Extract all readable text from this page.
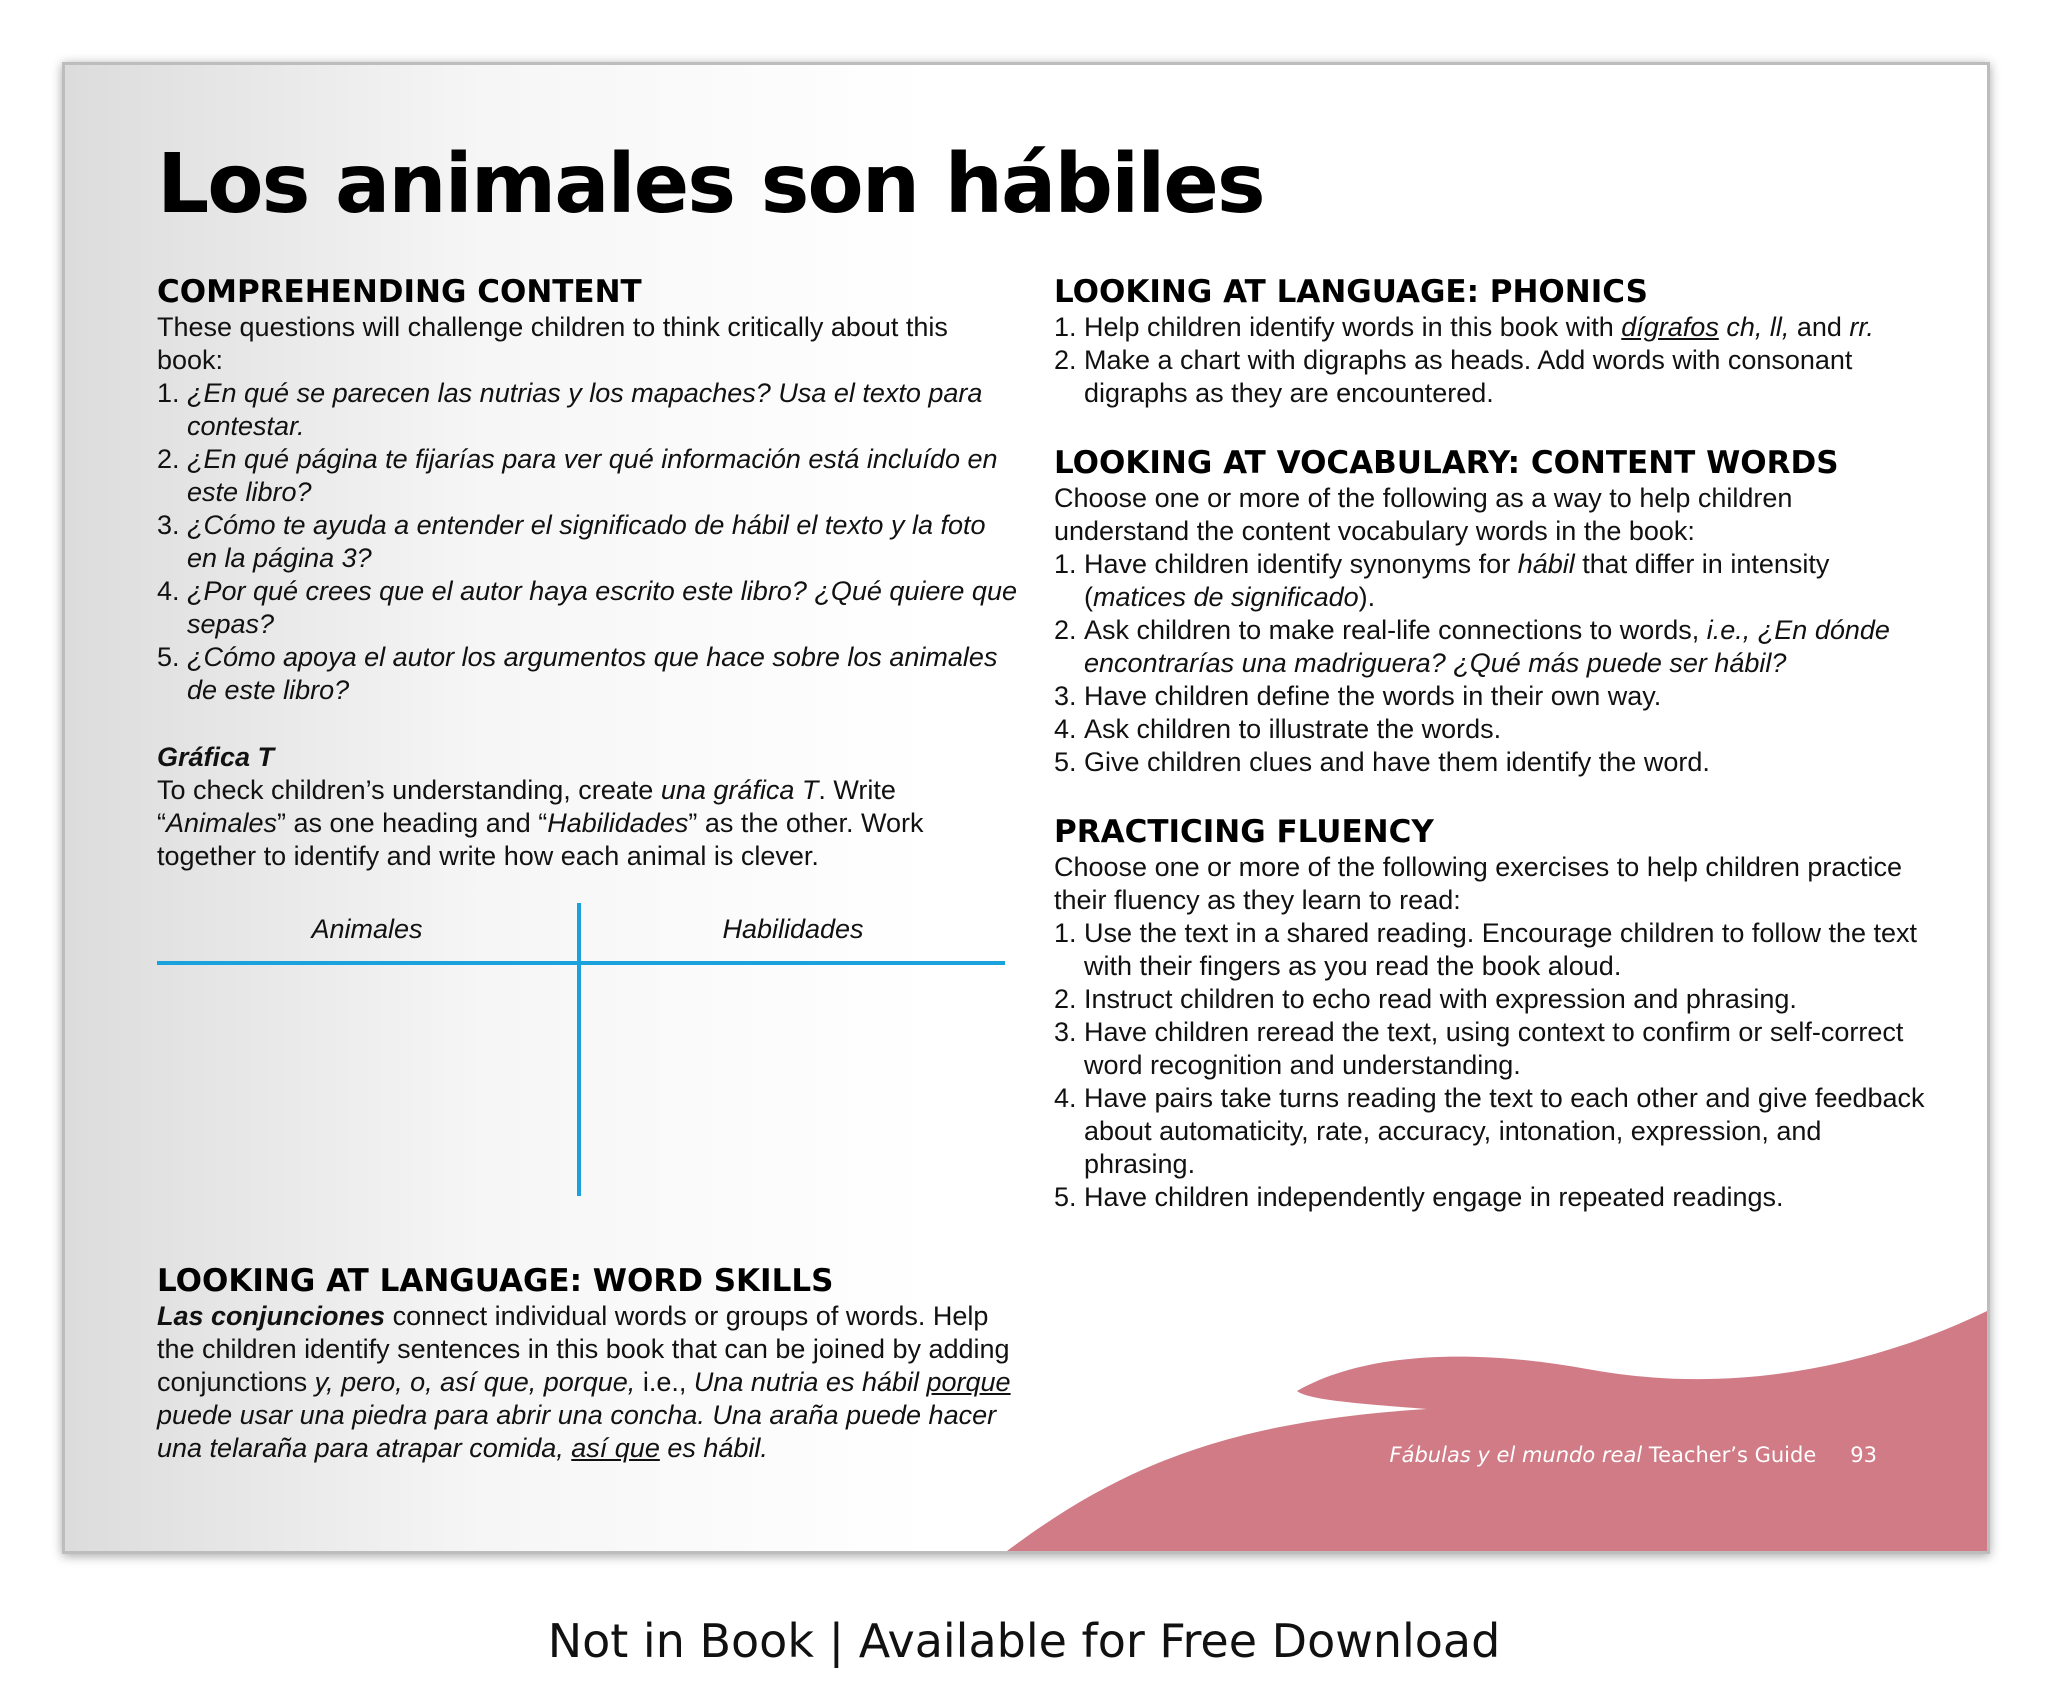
Los animales son hábiles
COMPREHENDING CONTENT

These questions will challenge children to think critically about this book:

1. ¿En qué se parecen las nutrias y los mapaches? Usa el texto para contestar.
2. ¿En qué página te fijarías para ver qué información está incluído en este libro?
3. ¿Cómo te ayuda a entender el significado de hábil el texto y la foto en la página 3?
4. ¿Por qué crees que el autor haya escrito este libro? ¿Qué quiere que sepas?
5. ¿Cómo apoya el autor los argumentos que hace sobre los animales de este libro?

Gráfica T

To check children’s understanding, create una gráfica T. Write “Animales” as one heading and “Habilidades” as the other. Work together to identify and write how each animal is clever.

Animales	Habilidades
LOOKING AT LANGUAGE: WORD SKILLS

Las conjunciones connect individual words or groups of words. Help the children identify sentences in this book that can be joined by adding conjunctions y, pero, o, así que, porque, i.e., Una nutria es hábil porque puede usar una piedra para abrir una concha. Una araña puede hacer una telaraña para atrapar comida, así que es hábil.

LOOKING AT LANGUAGE: PHONICS
1. Help children identify words in this book with dígrafos ch, ll, and rr.
2. Make a chart with digraphs as heads. Add words with consonant digraphs as they are encountered.
LOOKING AT VOCABULARY: CONTENT WORDS

Choose one or more of the following as a way to help children understand the content vocabulary words in the book:

1. Have children identify synonyms for hábil that differ in intensity (matices de significado).
2. Ask children to make real-life connections to words, i.e., ¿En dónde encontrarías una madriguera? ¿Qué más puede ser hábil?
3. Have children define the words in their own way.
4. Ask children to illustrate the words.
5. Give children clues and have them identify the word.
PRACTICING FLUENCY

Choose one or more of the following exercises to help children practice their fluency as they learn to read:

1. Use the text in a shared reading. Encourage children to follow the text with their fingers as you read the book aloud.
2. Instruct children to echo read with expression and phrasing.
3. Have children reread the text, using context to confirm or self-correct word recognition and understanding.
4. Have pairs take turns reading the text to each other and give feedback about automaticity, rate, accuracy, intonation, expression, and phrasing.
5. Have children independently engage in repeated readings.
Fábulas y el mundo real Teacher’s Guide 93
Not in Book | Available for Free Download
